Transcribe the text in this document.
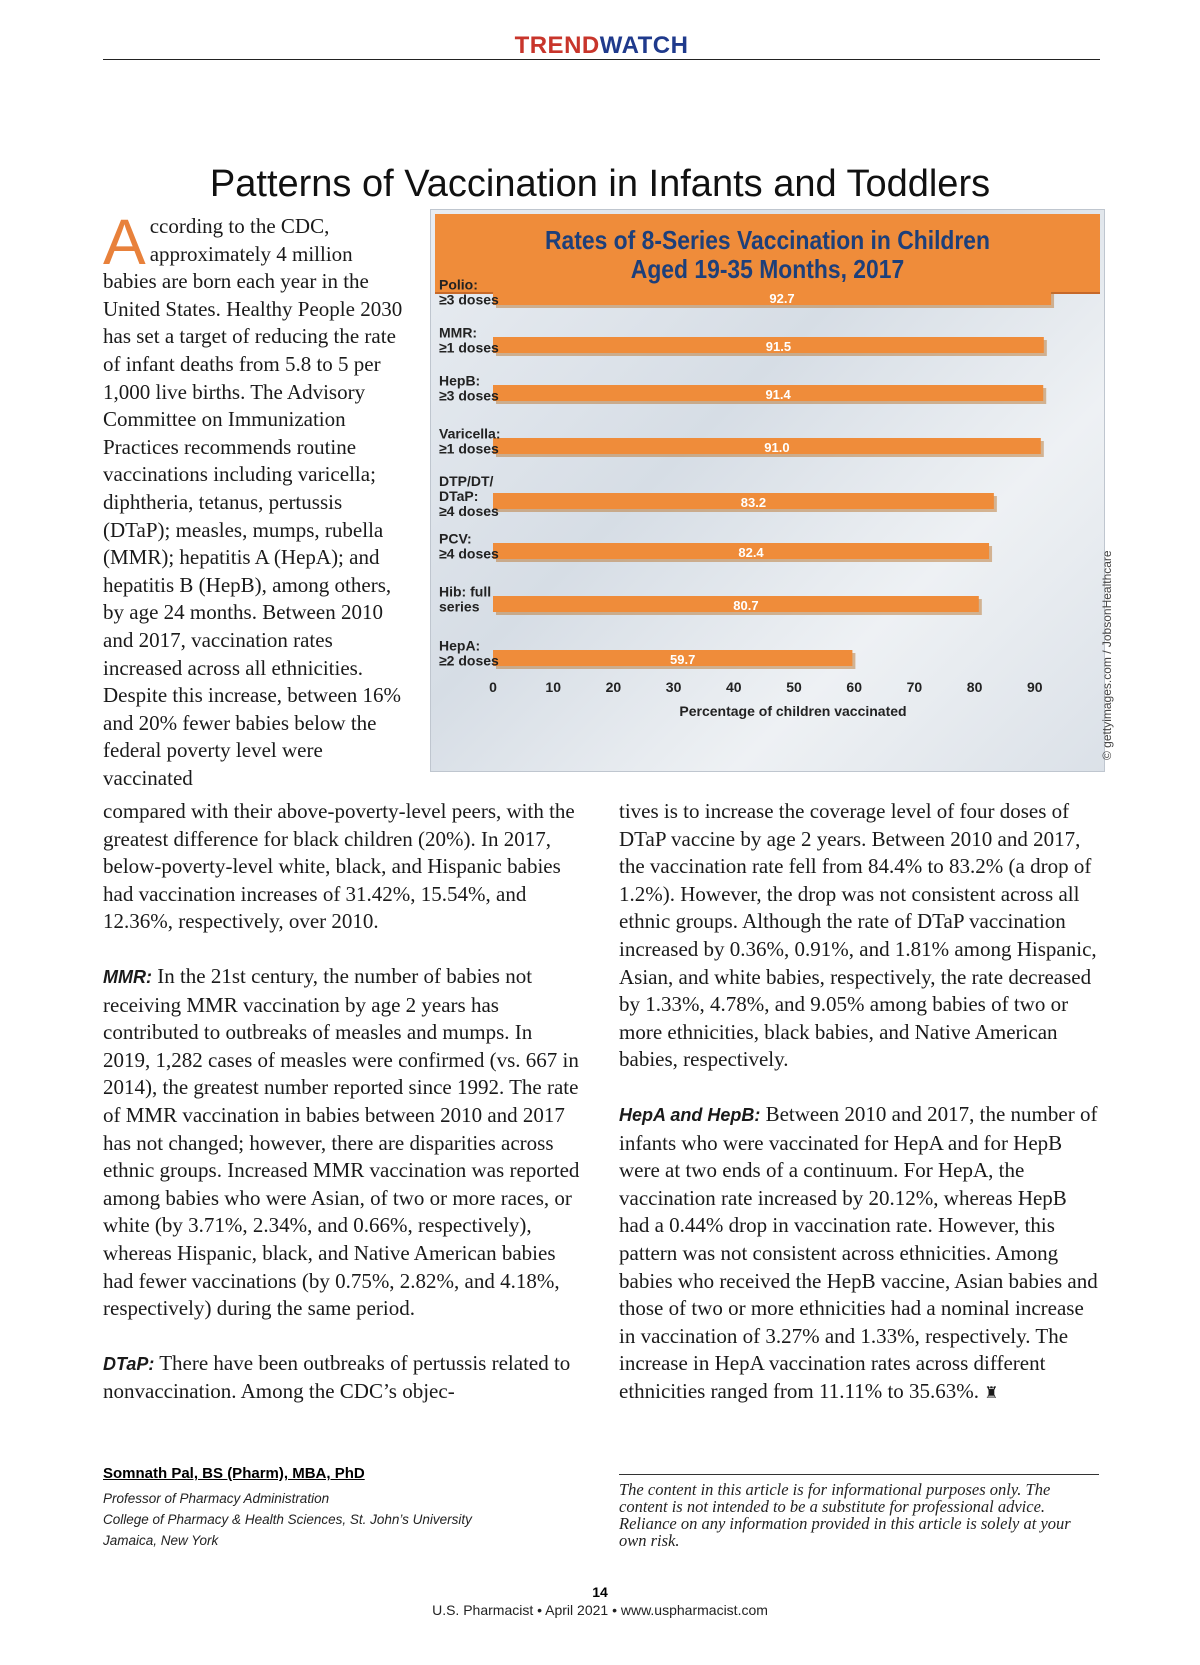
TRENDWATCH
Patterns of Vaccination in Infants and Toddlers
According to the CDC, approximately 4 million babies are born each year in the United States. Healthy People 2030 has set a target of reducing the rate of infant deaths from 5.8 to 5 per 1,000 live births. The Advisory Committee on Immunization Practices recommends routine vaccinations including varicella; diphtheria, tetanus, pertussis (DTaP); measles, mumps, rubella (MMR); hepatitis A (HepA); and hepatitis B (HepB), among others, by age 24 months. Between 2010 and 2017, vaccination rates increased across all ethnicities. Despite this increase, between 16% and 20% fewer babies below the federal poverty level were vaccinated
Rates of 8-Series Vaccination in Children
Aged 19-35 Months, 2017
92.7
Polio:
≥3 doses
91.5
MMR:
≥1 doses
91.4
HepB:
≥3 doses
91.0
Varicella:
≥1 doses
83.2
DTP/DT/
DTaP:
≥4 doses
82.4
PCV:
≥4 doses
80.7
Hib: full
series
59.7
HepA:
≥2 doses
0	10	20	30	40	50	60	70	80	90
Percentage of children vaccinated	© gettyimages.com / JobsonHealthcare

compared with their above-poverty-level peers, with the greatest difference for black children (20%). In 2017, below-poverty-level white, black, and Hispanic babies had vaccination increases of 31.42%, 15.54%, and 12.36%, respectively, over 2010.

MMR: In the 21st century, the number of babies not receiving MMR vaccination by age 2 years has contributed to outbreaks of measles and mumps. In 2019, 1,282 cases of measles were confirmed (vs. 667 in 2014), the greatest number reported since 1992. The rate of MMR vaccination in babies between 2010 and 2017 has not changed; however, there are disparities across ethnic groups. Increased MMR vaccination was reported among babies who were Asian, of two or more races, or white (by 3.71%, 2.34%, and 0.66%, respectively), whereas Hispanic, black, and Native American babies had fewer vaccinations (by 0.75%, 2.82%, and 4.18%, respectively) during the same period.

DTaP: There have been outbreaks of pertussis related to nonvaccination. Among the CDC’s objec-

tives is to increase the coverage level of four doses of DTaP vaccine by age 2 years. Between 2010 and 2017, the vaccination rate fell from 84.4% to 83.2% (a drop of 1.2%). However, the drop was not consistent across all ethnic groups. Although the rate of DTaP vaccination increased by 0.36%, 0.91%, and 1.81% among Hispanic, Asian, and white babies, respectively, the rate decreased by 1.33%, 4.78%, and 9.05% among babies of two or more ethnicities, black babies, and Native American babies, respectively.

HepA and HepB: Between 2010 and 2017, the number of infants who were vaccinated for HepA and for HepB were at two ends of a continuum. For HepA, the vaccination rate increased by 20.12%, whereas HepB had a 0.44% drop in vaccination rate. However, this pattern was not consistent across ethnicities. Among babies who received the HepB vaccine, Asian babies and those of two or more ethnicities had a nominal increase in vaccination of 3.27% and 1.33%, respectively. The increase in HepA vaccination rates across different ethnicities ranged from 11.11% to 35.63%. ♜

Somnath Pal, BS (Pharm), MBA, PhD
Professor of Pharmacy Administration
College of Pharmacy & Health Sciences, St. John’s University
Jamaica, New York
The content in this article is for informational purposes only. The content is not intended to be a substitute for professional advice. Reliance on any information provided in this article is solely at your own risk.
14
U.S. Pharmacist • April 2021 • www.uspharmacist.com
